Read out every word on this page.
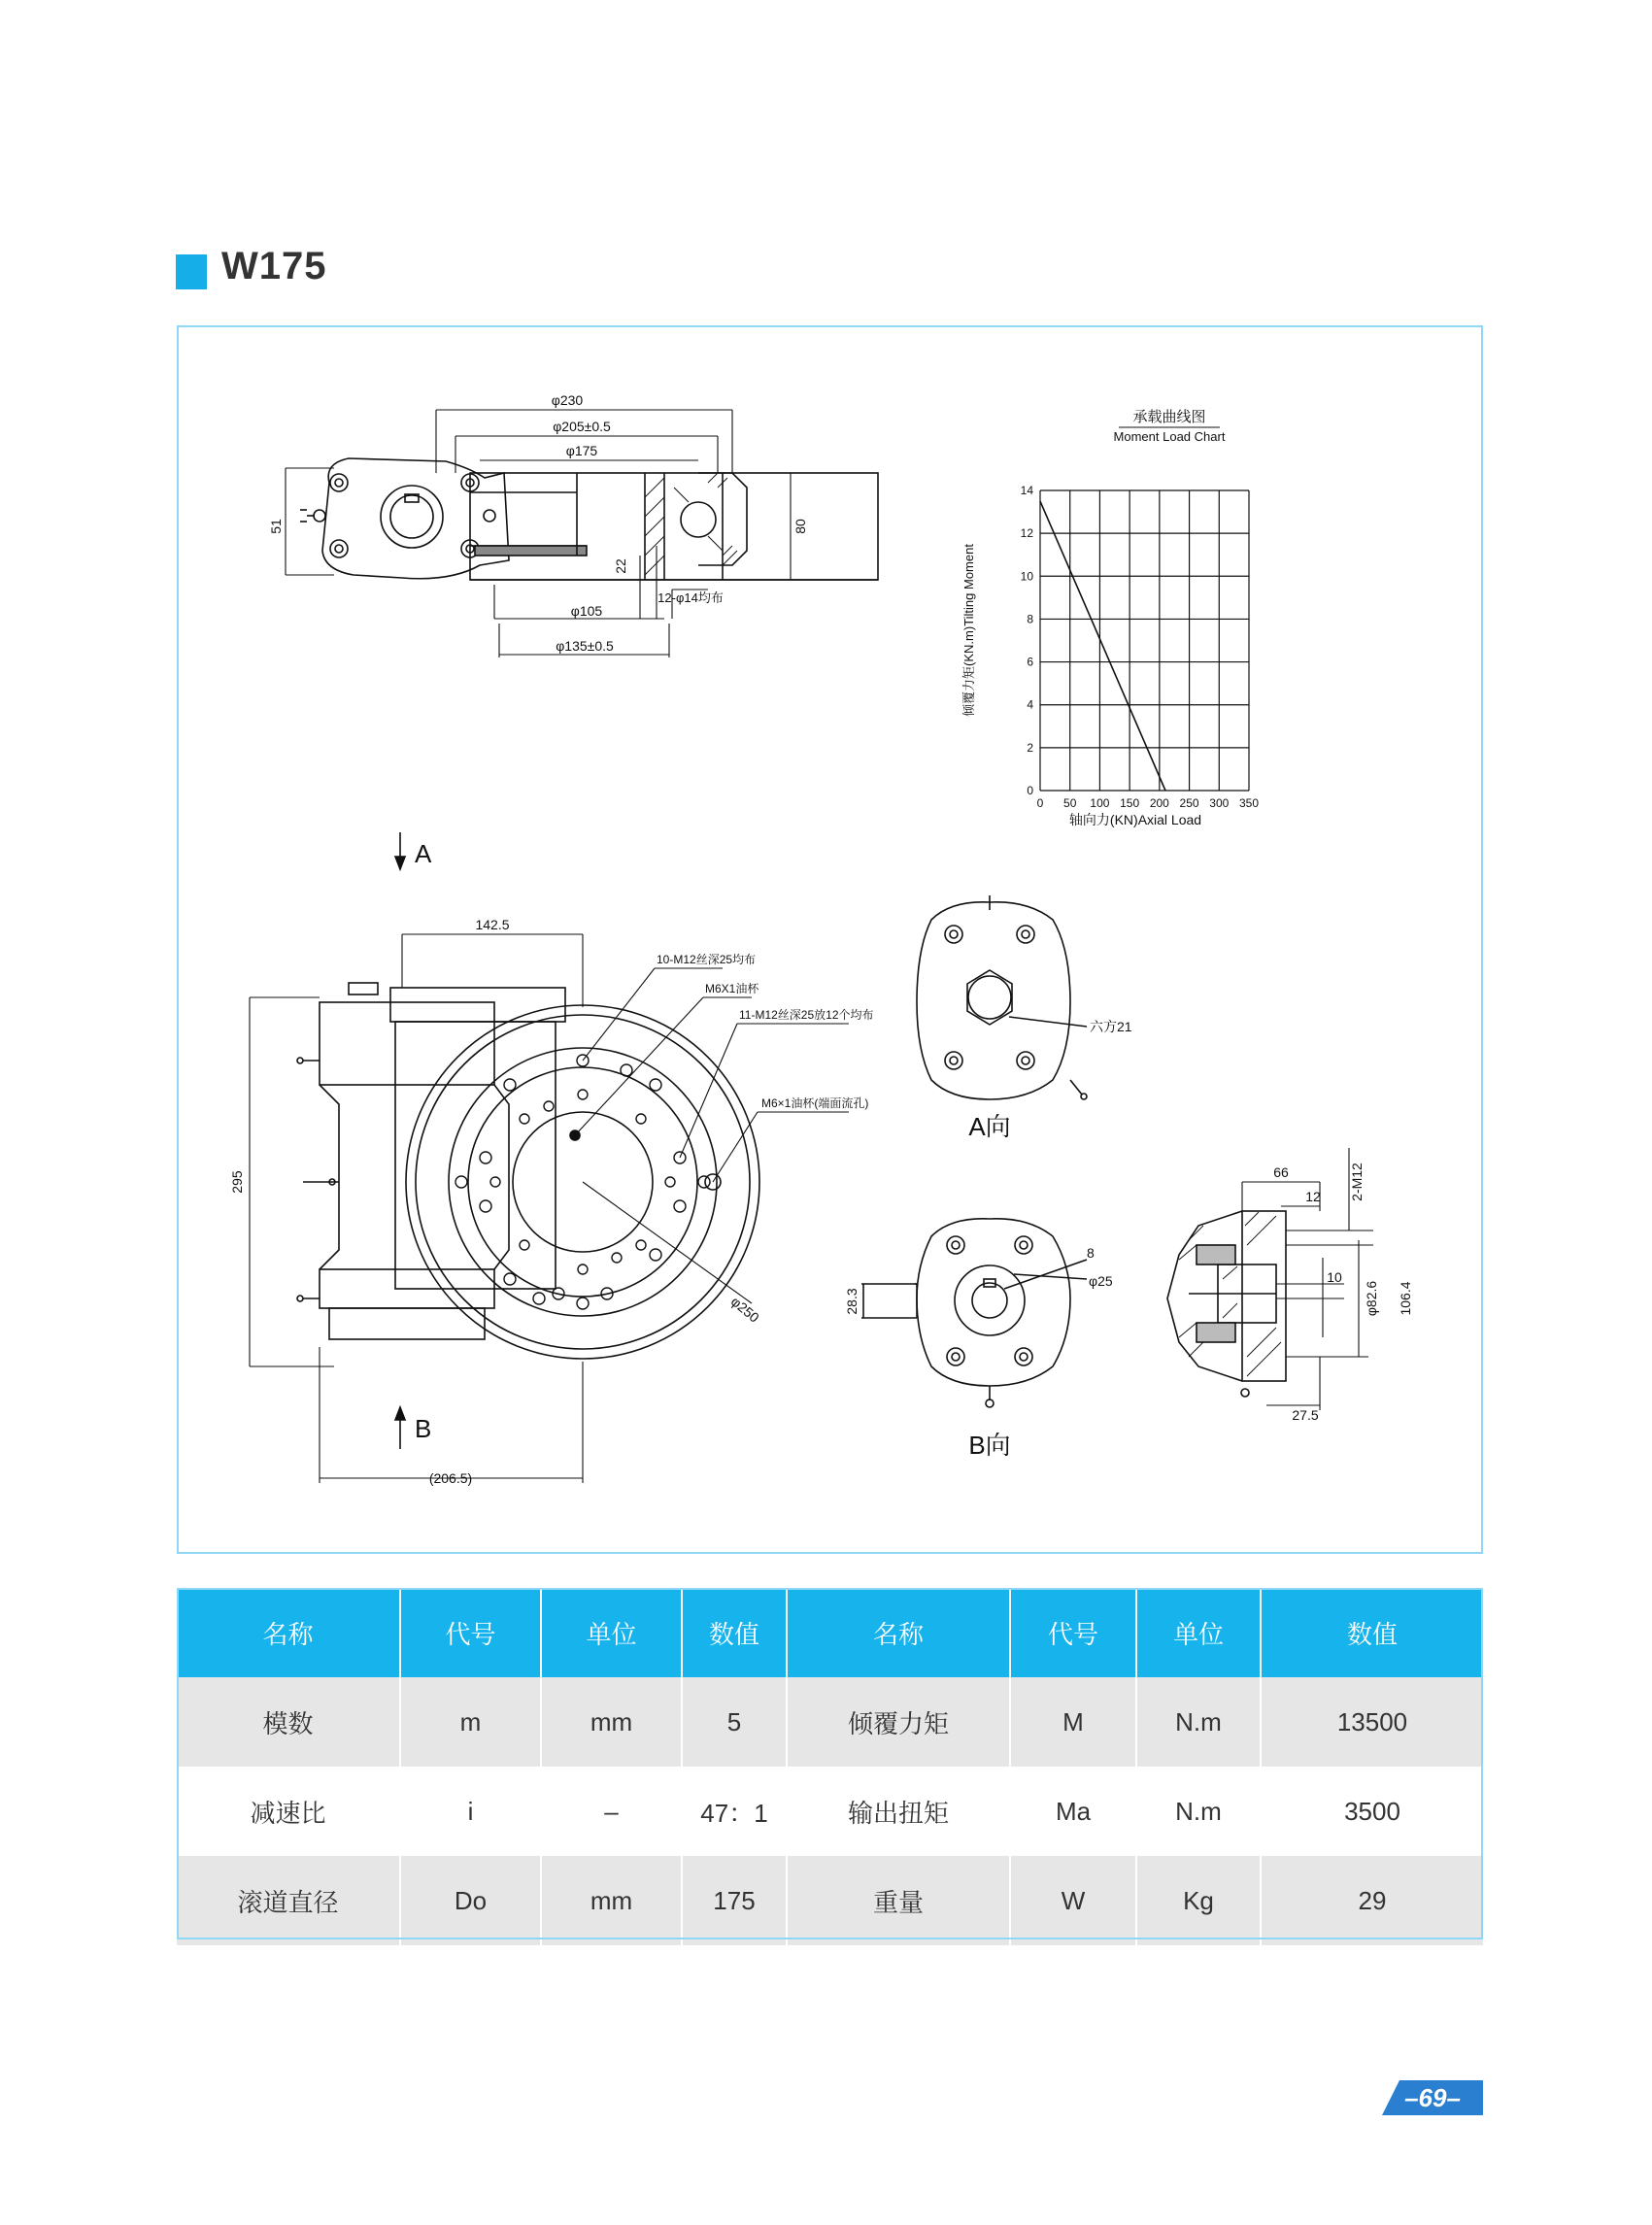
W175
φ230
φ205±0.5
φ175
51	80
22
φ105
12-φ14均布
φ135±0.5
A
B
142.5
295
(206.5)
φ250
10-M12丝深25均布
M6X1油杯
11-M12丝深25放12个均布
M6×1油杯(端面流孔)
六方21
A向
8
φ25
28.3
B向
66
12 2-M12
10
φ82.6 106.4
27.5
承载曲线图
Moment Load Chart
0 50 100 150 200 250 300 350
0
2
4
6
8
10
12
14
轴向力(KN)Axial Load
倾覆力矩(KN.m)Tilting Moment
名称	代号	单位	数值	名称	代号	单位	数值
模数	m	mm	5	倾覆力矩	M	N.m	13500
减速比	i	–	47：1	输出扭矩	Ma	N.m	3500
滚道直径	Do	mm	175	重量	W	Kg	29
–69–
